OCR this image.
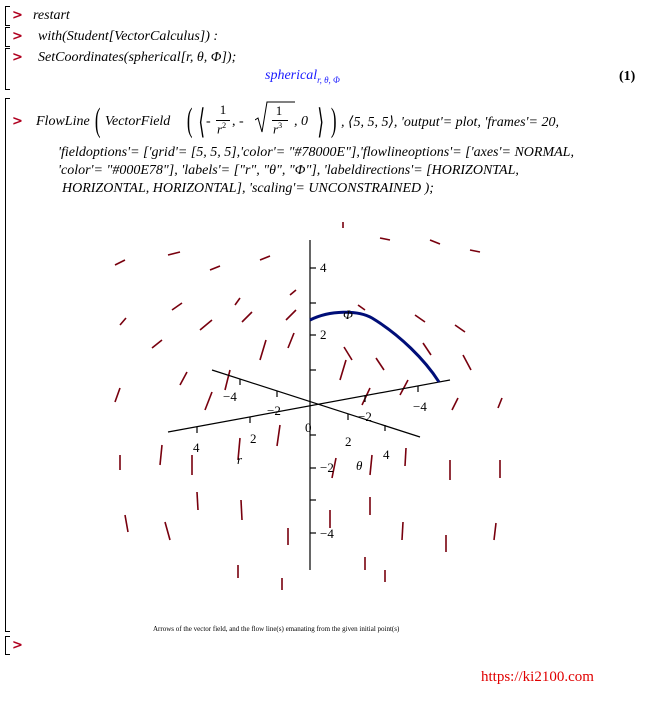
>
>
>
>
>
restart
with(Student[VectorCalculus]) :
SetCoordinates(spherical[r, θ, Φ]);
spherical$_{r, \theta, \Phi}$	(1)
FlowLine ( VectorField ( ⟨ -
1
$r^2$ , -
1
$r^3$ , 0 ⟩ ) , ⟨5, 5, 5⟩, 'output'= plot, 'frames'= 20,
'fieldoptions'= ['grid'= [5, 5, 5],'color'= "#78000E"],'flowlineoptions'= ['axes'= NORMAL,
'color'= "#000E78"], 'labels'= ["r", "θ", "Φ"], 'labeldirections'= [HORIZONTAL,
HORIZONTAL, HORIZONTAL], 'scaling'= UNCONSTRAINED );
4
2
−2
−4
−4
−2
4
2	2
4
−2
−4
0
r	θ
Φ
Arrows of the vector field, and the flow line(s) emanating from the given initial point(s)
https://ki2100.com
